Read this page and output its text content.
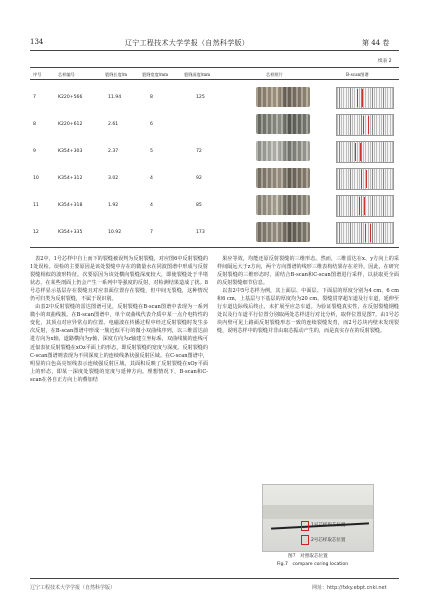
134	辽宁工程技术大学学报（自然科学版）	第 44 卷
续表 2
序号	芯样编号	裂缝长度/m	裂缝宽度/mm	裂缝深度/mm	芯样照片	B-scan图谱
7	K220+566	11.94	8	125
8	K220+612	2.61	6
9	K354+303	2.37	5	72
10	K354+312	3.02	4	92
11	K354+318	1.92	4	85
12	K354+335	10.92	7	173

表2中，1号芯样中自上而下的裂缝被误判为反射裂缝，对应图6中反射裂缝的1处误检。误检的主要原因是该处裂缝中存在的微量水在同波图谱中形成与反射裂缝相似的波形特征。次要原因为该处横向裂缝深度较大，即使裂缝处于半堵状态，在某些剖面上仍会产生一系列中等强度的反射，对检测结果造成了扰。8号芯样显示基层存在裂缝且对应表面位置存在裂缝，但中间无裂缝，这种情况仍可归类为反射裂缝，不属于误识别。

由表2中反射裂缝的雷达图谱可见，反射裂缝在B-scan图谱中表现为一系列微小的双曲线簇。在B-scan图谱中，单个双曲线代表介质中某一点介电特性的变化，其顶点对应异常点的位置。电磁波在传播过程中经过反射裂缝时发生多次反射，在B-scan图谱中形成一簇近似平行的微小双曲线序列，以三维雷达前进方向为x轴，道路横向为y轴，深度方向为z轴建立坐标系，双曲线簇的连线可近似表征反射裂缝在xOz平面上的形态，即反射裂缝的宽度与深度。反射裂缝的C-scan图谱则表现为不同深度上的连续线条状强反射区域。在C-scan图谱中，明显的白色高亮短线表示连续强反射区域，其面积反映了反射裂缝在xOy平面上的形态，即某一深度处裂缝的宽度与延伸方向。理想情况下，B-scan和C-scan在各自正方向上的叠加结

果应等效，均能还原反射裂缝的三维形态。然而，三维雷达在x、y方向上的采样间隔远大于z方向，两个方向图谱的线形三维表构结果存在差异。因此，在研究反射裂缝的三维形态时，需结合B-scan和C-scan图谱进行采样，以获取更全面的反射裂缝细节信息。

以表2中5号芯样为例，其上面层、中面层、下面层的厚度分别为4 cm、6 cm和6 cm，上基层与下基层的厚度均为20 cm，裂缝贯穿超车道及行车道，延伸至行车道边际线后终止，未扩展至应急车道。为验证裂缝真实性，在反射裂缝钢缝处以及行车道平行位置分别取两处芯样进行对比分析，取样位置见图7。由1号芯块内壁可见上路面反射裂缝形态一致的连续裂缝发育，而2号芯块内壁未发现裂缝，说明芯样中的裂缝并非由取芯振动产生的，而是真实存在的反射裂缝。

1号芯样取芯位置
2号芯样取芯位置
图7　对照取芯位置
Fig.7　compare coring location
辽宁工程技术大学学报（自然科学版）	网址：http://fxky.ebpt.cnki.net
